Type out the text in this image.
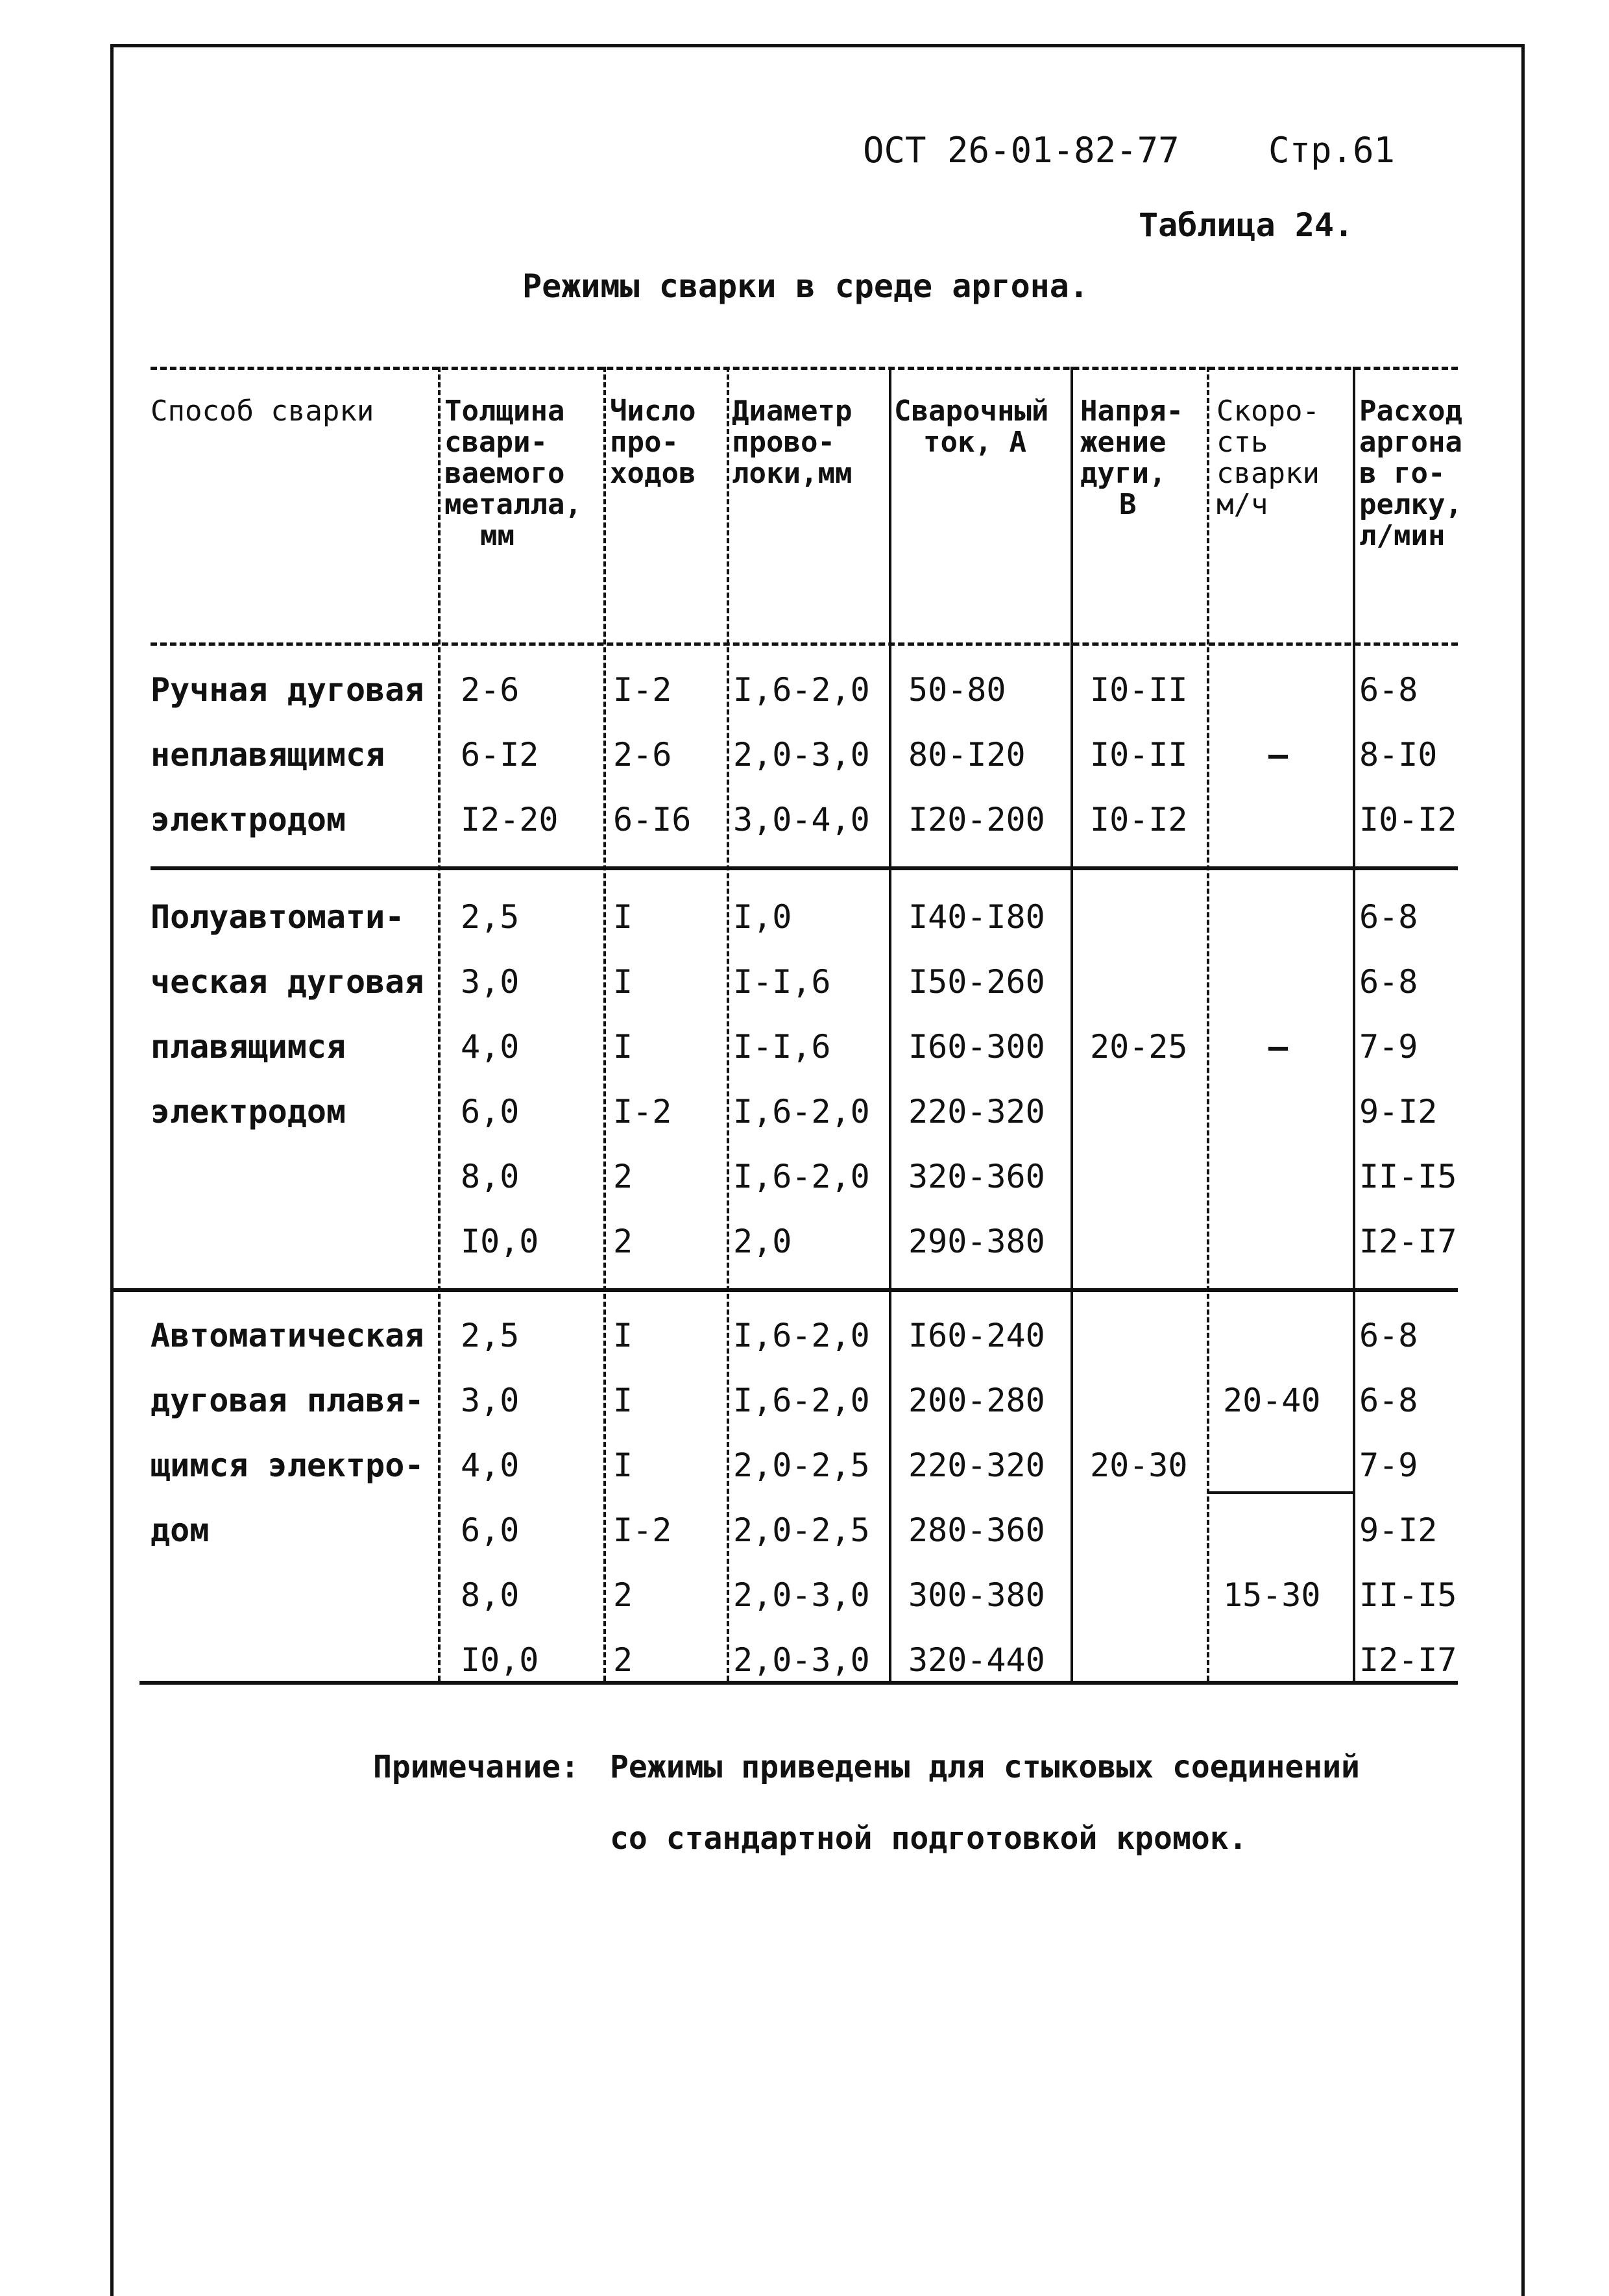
ОСТ 26-01-82-77	Стр.61
Таблица 24.
Режимы сварки в среде аргона.
Способ сварки Толщина
свари-
ваемого
металла,
мм
Число
про-
ходов
Диаметр
прово-
локи,мм
Сварочный
ток, А
Напря-
жение
дуги,
В
Скоро-
сть
сварки
м/ч
Расход
аргона
в го-
релку,
л/мин
Ручная дуговая
неплавящимся
электродом
2-6
6-I2
I2-20
I-2
2-6
6-I6
I,6-2,0
2,0-3,0
3,0-4,0
50-80
80-I20
I20-200
I0-II
I0-II
I0-I2
–
6-8
8-I0
I0-I2
Полуавтомати-
ческая дуговая
плавящимся
электродом
2,5
3,0
4,0
6,0
8,0
I0,0
I
I
I
I-2
2
2
I,0
I-I,6
I-I,6
I,6-2,0
I,6-2,0
2,0
I40-I80
I50-260
I60-300
220-320
320-360
290-380
20-25 –
6-8
6-8
7-9
9-I2
II-I5
I2-I7
Автоматическая
дуговая плавя-
щимся электро-
дом
2,5
3,0
4,0
6,0
8,0
I0,0
I
I
I
I-2
2
2
I,6-2,0
I,6-2,0
2,0-2,5
2,0-2,5
2,0-3,0
2,0-3,0
I60-240
200-280
220-320
280-360
300-380
320-440
20-30
20-40
15-30
6-8
6-8
7-9
9-I2
II-I5
I2-I7
Примечание: Режимы приведены для стыковых соединений
со стандартной подготовкой кромок.
